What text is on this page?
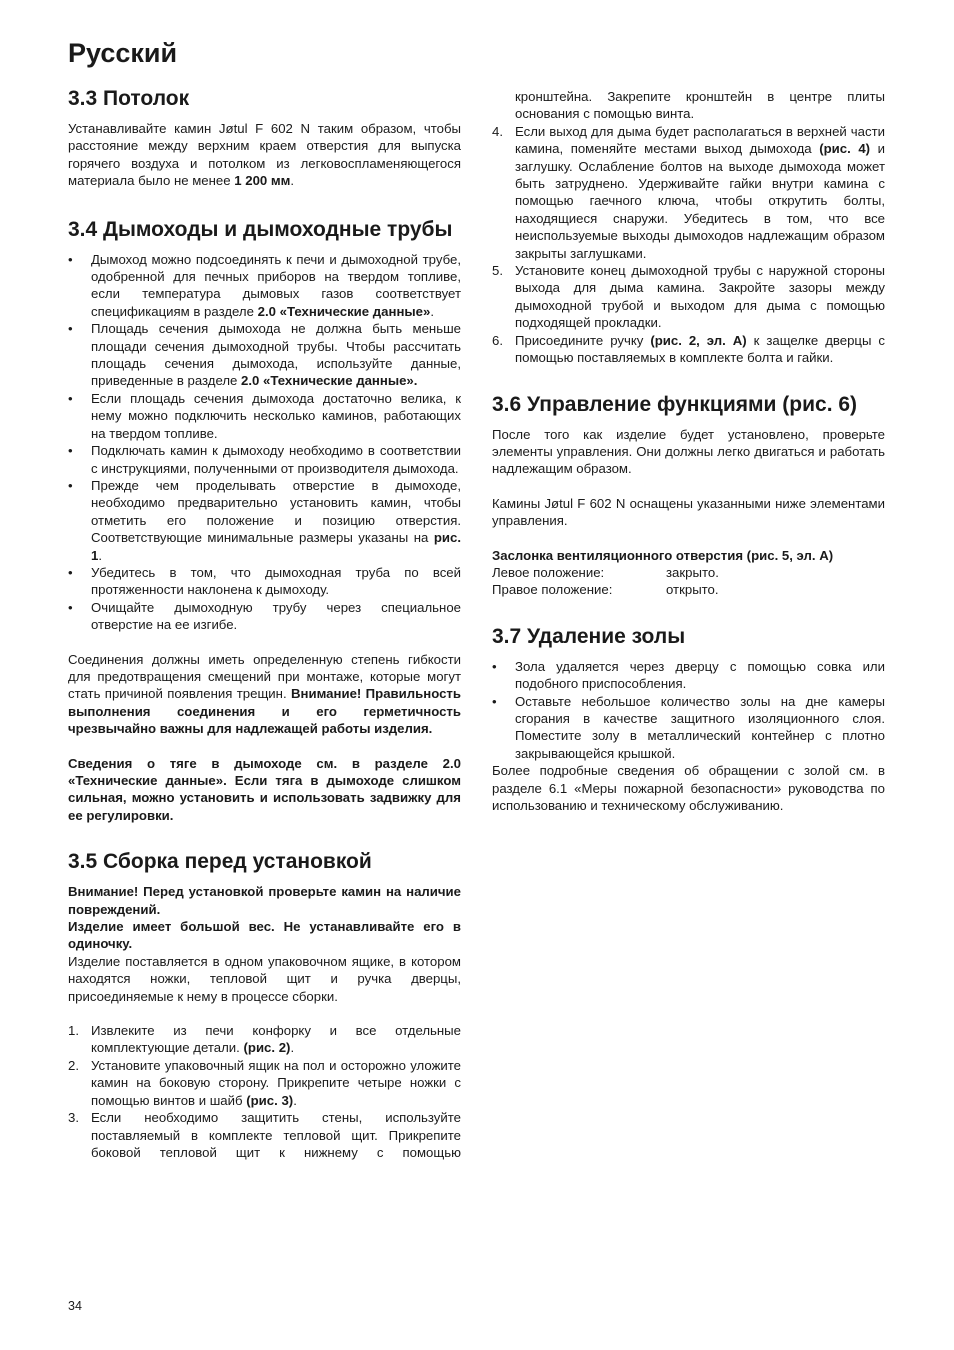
Русский
3.3 Потолок

Устанавливайте камин Jøtul F 602 N таким образом, чтобы расстояние между верхним краем отверстия для выпуска горячего воздуха и потолком из легковоспламеняющегося материала было не менее 1 200 мм.

3.4 Дымоходы и дымоходные трубы
•	Дымоход можно подсоединять к печи и дымоходной трубе, одобренной для печных приборов на твердом топливе, если температура дымовых газов соответствует спецификациям в разделе 2.0 «Технические данные».
•	Площадь сечения дымохода не должна быть меньше площади сечения дымоходной трубы. Чтобы рассчитать площадь сечения дымохода, используйте данные, приведенные в разделе 2.0 «Технические данные».
•	Если площадь сечения дымохода достаточно велика, к нему можно подключить несколько каминов, работающих на твердом топливе.
•	Подключать камин к дымоходу необходимо в соответствии с инструкциями, полученными от производителя дымохода.
•	Прежде чем проделывать отверстие в дымоходе, необходимо предварительно установить камин, чтобы отметить его положение и позицию отверстия. Соответствующие минимальные размеры указаны на рис. 1.
•	Убедитесь в том, что дымоходная труба по всей протяженности наклонена к дымоходу.
•	Очищайте дымоходную трубу через специальное отверстие на ее изгибе.

Соединения должны иметь определенную степень гибкости для предотвращения смещений при монтаже, которые могут стать причиной появления трещин. Внимание! Правильность выполнения соединения и его герметичность чрезвычайно важны для надлежащей работы изделия.

Сведения о тяге в дымоходе см. в разделе 2.0 «Технические данные». Если тяга в дымоходе слишком сильная, можно установить и использовать задвижку для ее регулировки.

3.5 Сборка перед установкой

Внимание! Перед установкой проверьте камин на наличие повреждений.

Изделие имеет большой вес. Не устанавливайте его в одиночку.

Изделие поставляется в одном упаковочном ящике, в котором находятся ножки, тепловой щит и ручка дверцы, присоединяемые к нему в процессе сборки.

1. Извлеките из печи конфорку и все отдельные комплектующие детали. (рис. 2).
2. Установите упаковочный ящик на пол и осторожно уложите камин на боковую сторону. Прикрепите четыре ножки с помощью винтов и шайб (рис. 3).
3. Если необходимо защитить стены, используйте поставляемый в комплекте тепловой щит. Прикрепите боковой тепловой щит к нижнему с помощью
кронштейна. Закрепите кронштейн в центре плиты основания с помощью винта.
4. Если выход для дыма будет располагаться в верхней части камина, поменяйте местами выход дымохода (рис. 4) и заглушку. Ослабление болтов на выходе дымохода может быть затруднено. Удерживайте гайки внутри камина с помощью гаечного ключа, чтобы открутить болты, находящиеся снаружи. Убедитесь в том, что все неиспользуемые выходы дымоходов надлежащим образом закрыты заглушками.
5. Установите конец дымоходной трубы с наружной стороны выхода для дыма камина. Закройте зазоры между дымоходной трубой и выходом для дыма с помощью подходящей прокладки.
6. Присоедините ручку (рис. 2, эл. A) к защелке дверцы с помощью поставляемых в комплекте болта и гайки.
3.6 Управление функциями (рис. 6)

После того как изделие будет установлено, проверьте элементы управления. Они должны легко двигаться и работать надлежащим образом.

Камины Jøtul F 602 N оснащены указанными ниже элементами управления.

Заслонка вентиляционного отверстия (рис. 5, эл. A)

Левое положение:	закрыто.
Правое положение:	открыто.
3.7 Удаление золы
•	Зола удаляется через дверцу с помощью совка или подобного приспособления.
•	Оставьте небольшое количество золы на дне камеры сгорания в качестве защитного изоляционного слоя. Поместите золу в металлический контейнер с плотно закрывающейся крышкой.

Более подробные сведения об обращении с золой см. в разделе 6.1 «Меры пожарной безопасности» руководства по использованию и техническому обслуживанию.

34
